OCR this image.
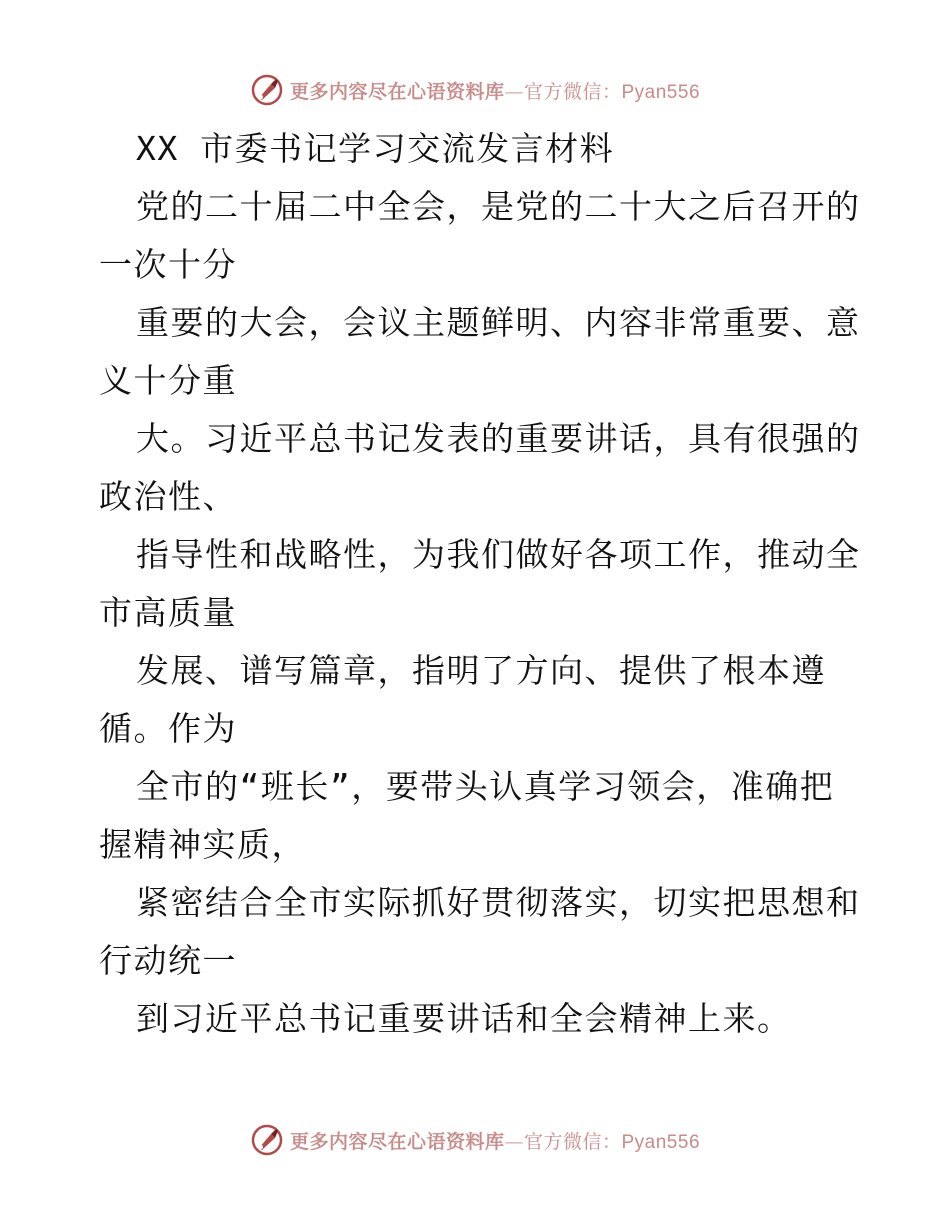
更多内容尽在心语资料库—官方微信：Pyan556
XX 市委书记学习交流发言材料
党的二十届二中全会，是党的二十大之后召开的
一次十分
重要的大会，会议主题鲜明、内容非常重要、意
义十分重
大。习近平总书记发表的重要讲话，具有很强的
政治性、
指导性和战略性，为我们做好各项工作，推动全
市高质量
发展、谱写篇章，指明了方向、提供了根本遵
循。作为
全市的“班长”，要带头认真学习领会，准确把
握精神实质，
紧密结合全市实际抓好贯彻落实，切实把思想和
行动统一
到习近平总书记重要讲话和全会精神上来。
更多内容尽在心语资料库—官方微信：Pyan556
